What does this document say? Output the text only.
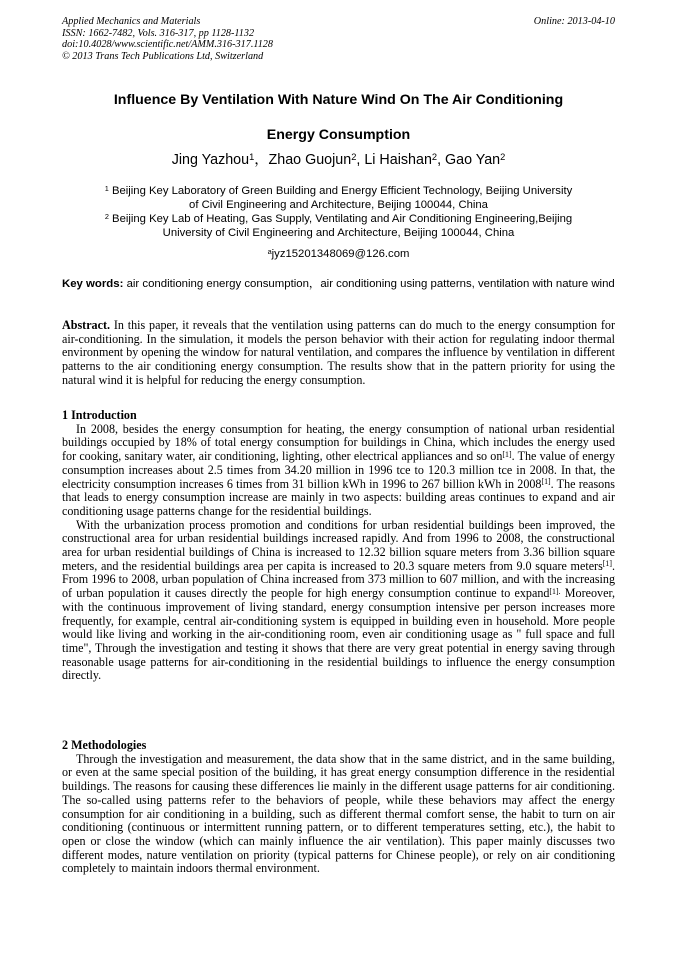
Applied Mechanics and Materials
ISSN: 1662-7482, Vols. 316-317, pp 1128-1132
doi:10.4028/www.scientific.net/AMM.316-317.1128
© 2013 Trans Tech Publications Ltd, Switzerland
Online: 2013-04-10
Influence By Ventilation With Nature Wind On The Air Conditioning
Energy Consumption
Jing Yazhou$^1$，Zhao Guojun$^2$, Li Haishan$^2$, Gao Yan$^2$
$^1$ Beijing Key Laboratory of Green Building and Energy Efficient Technology, Beijing University
of Civil Engineering and Architecture, Beijing 100044, China
$^2$ Beijing Key Lab of Heating, Gas Supply, Ventilating and Air Conditioning Engineering,Beijing
University of Civil Engineering and Architecture, Beijing 100044, China
$^a$jyz15201348069@126.com
Key words: air conditioning energy consumption，air conditioning using patterns, ventilation with nature wind

Abstract. In this paper, it reveals that the ventilation using patterns can do much to the energy consumption for air-conditioning. In the simulation, it models the person behavior with their action for regulating indoor thermal environment by opening the window for natural ventilation, and compares the influence by ventilation in different patterns to the air conditioning energy consumption. The results show that in the pattern priority for using the natural wind it is helpful for reducing the energy consumption.

1 Introduction

In 2008, besides the energy consumption for heating, the energy consumption of national urban residential buildings occupied by 18% of total energy consumption for buildings in China, which includes the energy used for cooking, sanitary water, air conditioning, lighting, other electrical appliances and so on[1]. The value of energy consumption increases about 2.5 times from 34.20 million in 1996 tce to 120.3 million tce in 2008. In that, the electricity consumption increases 6 times from 31 billion kWh in 1996 to 267 billion kWh in 2008[1]. The reasons that leads to energy consumption increase are mainly in two aspects: building areas continues to expand and air conditioning usage patterns change for the residential buildings.

With the urbanization process promotion and conditions for urban residential buildings been improved, the constructional area for urban residential buildings increased rapidly. And from 1996 to 2008, the constructional area for urban residential buildings of China is increased to 12.32 billion square meters from 3.36 billion square meters, and the residential buildings area per capita is increased to 20.3 square meters from 9.0 square meters[1]. From 1996 to 2008, urban population of China increased from 373 million to 607 million, and with the increasing of urban population it causes directly the people for high energy consumption continue to expand$^{[1].}$ Moreover, with the continuous improvement of living standard, energy consumption intensive per person increases more frequently, for example, central air-conditioning system is equipped in building even in household. More people would like living and working in the air-conditioning room, even air conditioning usage as " full space and full time", Through the investigation and testing it shows that there are very great potential in energy saving through reasonable usage patterns for air-conditioning in the residential buildings to influence the energy consumption directly.

2 Methodologies

Through the investigation and measurement, the data show that in the same district, and in the same building, or even at the same special position of the building, it has great energy consumption difference in the residential buildings. The reasons for causing these differences lie mainly in the different usage patterns for air conditioning. The so-called using patterns refer to the behaviors of people, while these behaviors may affect the energy consumption for air conditioning in a building, such as different thermal comfort sense, the habit to turn on air conditioning (continuous or intermittent running pattern, or to different temperatures setting, etc.), the habit to open or close the window (which can mainly influence the air ventilation). This paper mainly discusses two different modes, nature ventilation on priority (typical patterns for Chinese people), or rely on air conditioning completely to maintain indoors thermal environment.
